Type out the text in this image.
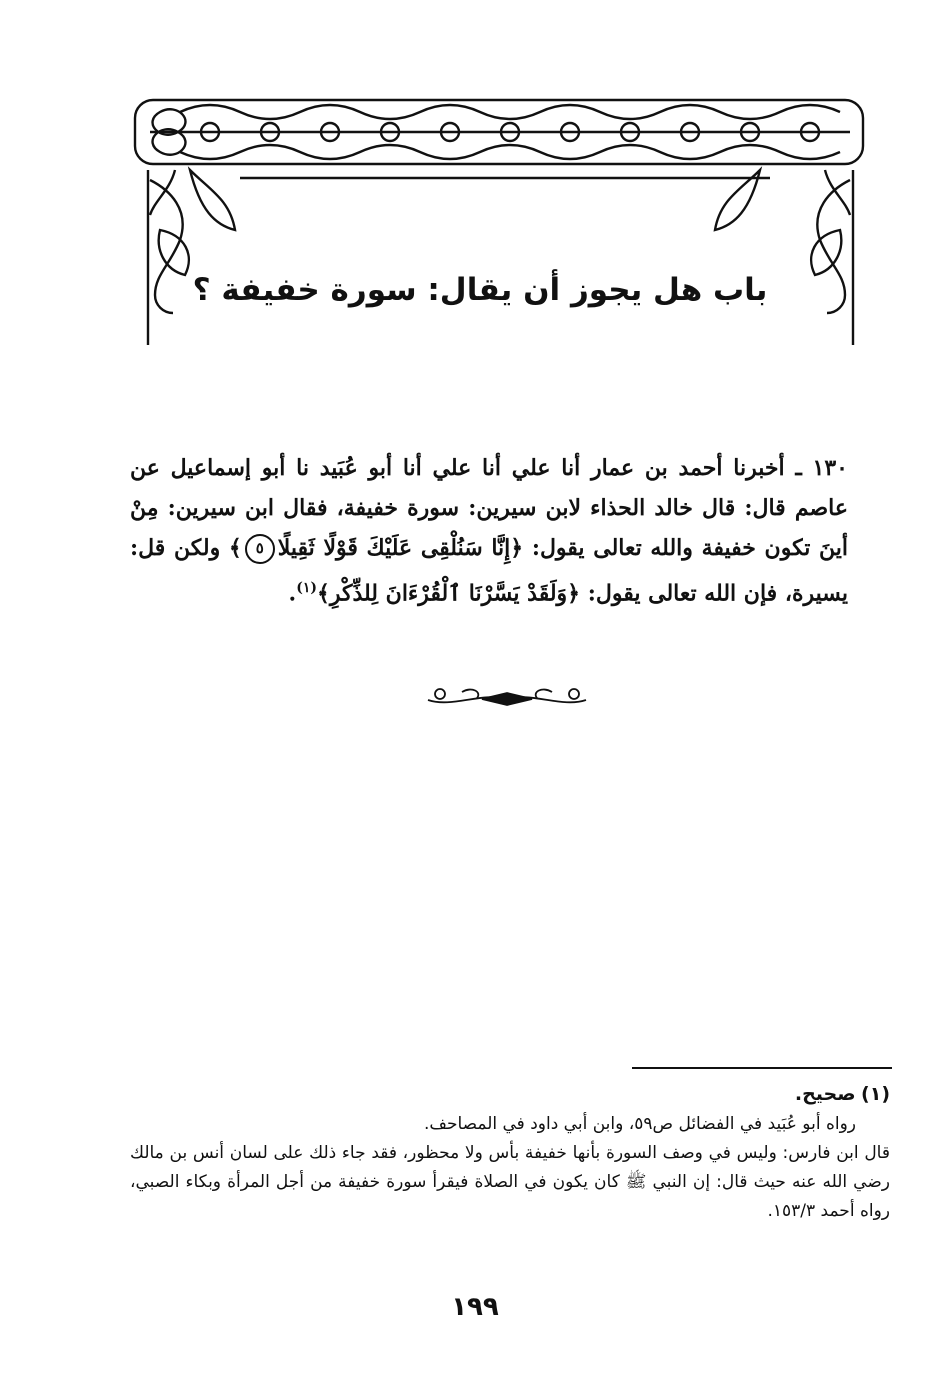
باب هل يجوز أن يقال: سورة خفيفة ؟

١٣٠ ـ أخبرنا أحمد بن عمار أنا علي أنا علي أنا أبو عُبَيد نا أبو إسماعيل عن عاصم قال: قال خالد الحذاء لابن سيرين: سورة خفيفة، فقال ابن سيرين: مِنْ أينَ تكون خفيفة والله تعالى يقول: ﴿إِنَّا سَنُلْقِى عَلَيْكَ قَوْلًا ثَقِيلًا٥﴾ ولكن قل: يسيرة، فإن الله تعالى يقول: ﴿وَلَقَدْ يَسَّرْنَا ٱلْقُرْءَانَ لِلذِّكْرِ﴾$^{(١)}$.

(١) صحيح.

رواه أبو عُبَيد في الفضائل ص٥٩، وابن أبي داود في المصاحف.

قال ابن فارس: وليس في وصف السورة بأنها خفيفة بأس ولا محظور، فقد جاء ذلك على لسان أنس بن مالك رضي الله عنه حيث قال: إن النبي ﷺ كان يكون في الصلاة فيقرأ سورة خفيفة من أجل المرأة وبكاء الصبي، رواه أحمد ١٥٣/٣.

١٩٩
